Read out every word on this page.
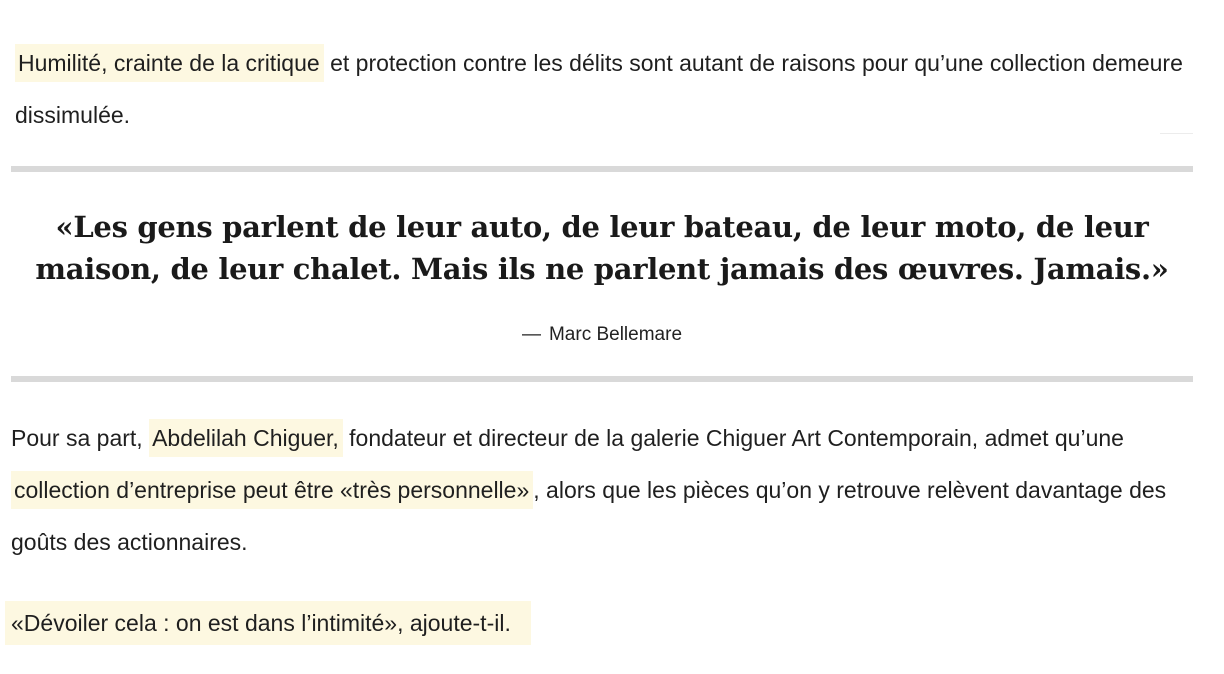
Humilité, crainte de la critique et protection contre les délits sont autant de raisons pour qu’une collection demeure dissimulée.

«Les gens parlent de leur auto, de leur bateau, de leur moto, de leur maison, de leur chalet. Mais ils ne parlent jamais des œuvres. Jamais.»
— Marc Bellemare

Pour sa part, Abdelilah Chiguer, fondateur et directeur de la galerie Chiguer Art Contemporain, admet qu’une collection d’entreprise peut être «très personnelle» , alors que les pièces qu’on y retrouve relèvent davantage des goûts des actionnaires.

«Dévoiler cela : on est dans l’intimité», ajoute-t-il.
